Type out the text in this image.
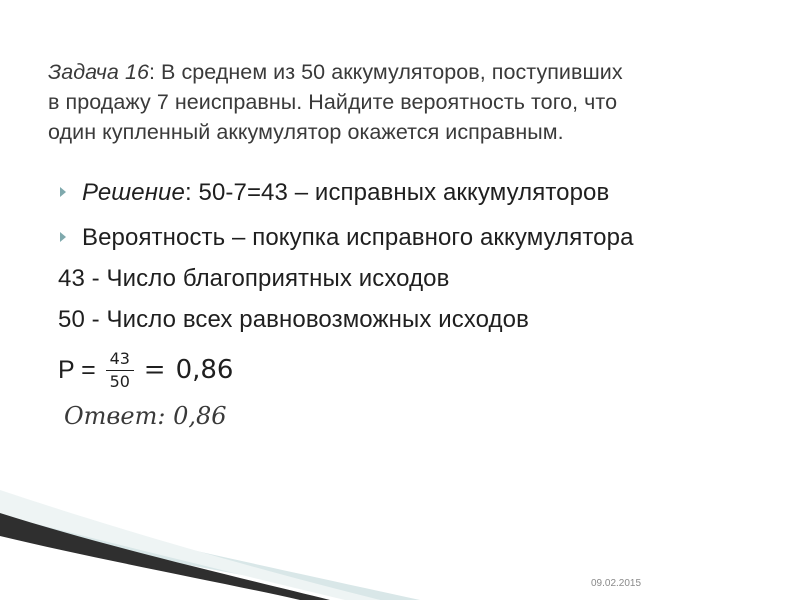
Задача 16: В среднем из 50 аккумуляторов, поступивших
в продажу 7 неисправны. Найдите вероятность того, что
один купленный аккумулятор окажется исправным.
Решение: 50-7=43 – исправных аккумуляторов
Вероятность – покупка исправного аккумулятора
43 - Число благоприятных исходов
50 - Число всех равновозможных исходов
$P = \frac{43}{50} = 0,86$
Ответ: 0,86
09.02.2015
